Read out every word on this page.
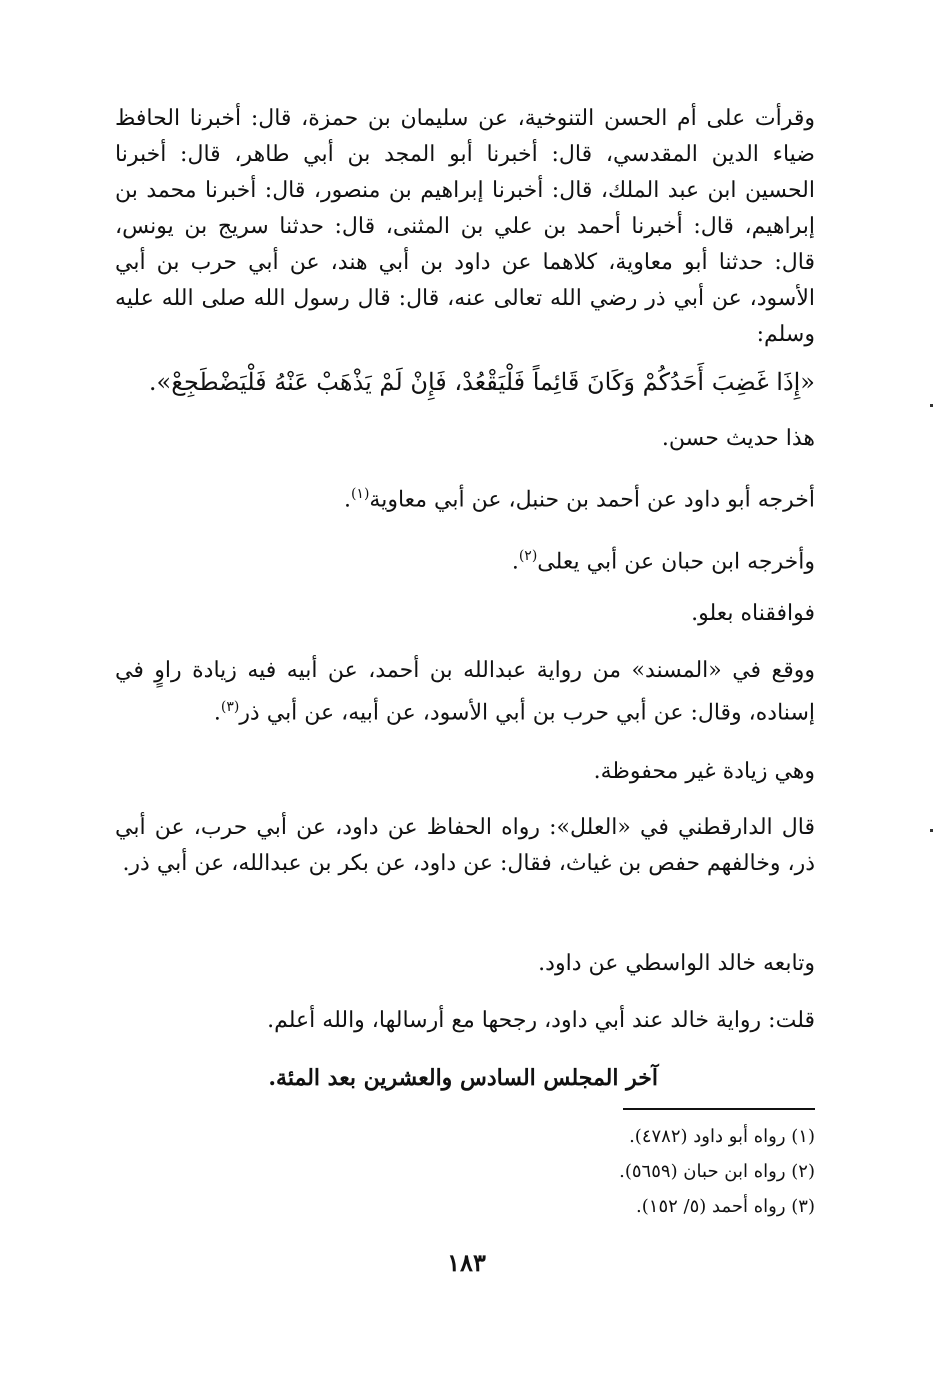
وقرأت على أم الحسن التنوخية، عن سليمان بن حمزة، قال: أخبرنا الحافظ ضياء الدين المقدسي، قال: أخبرنا أبو المجد بن أبي طاهر، قال: أخبرنا الحسين ابن عبد الملك، قال: أخبرنا إبراهيم بن منصور، قال: أخبرنا محمد بن إبراهيم، قال: أخبرنا أحمد بن علي بن المثنى، قال: حدثنا سريج بن يونس، قال: حدثنا أبو معاوية، كلاهما عن داود بن أبي هند، عن أبي حرب بن أبي الأسود، عن أبي ذر رضي الله تعالى عنه، قال: قال رسول الله صلى الله عليه وسلم:
«إِذَا غَضِبَ أَحَدُكُمْ وَكَانَ قَائِماً فَلْيَقْعُدْ، فَإِنْ لَمْ يَذْهَبْ عَنْهُ فَلْيَضْطَجِعْ».
هذا حديث حسن.
أخرجه أبو داود عن أحمد بن حنبل، عن أبي معاوية$^{(١)}$.
وأخرجه ابن حبان عن أبي يعلى$^{(٢)}$.
فوافقناه بعلو.
ووقع في «المسند» من رواية عبدالله بن أحمد، عن أبيه فيه زيادة راوٍ في إسناده، وقال: عن أبي حرب بن أبي الأسود، عن أبيه، عن أبي ذر$^{(٣)}$.
وهي زيادة غير محفوظة.
قال الدارقطني في «العلل»: رواه الحفاظ عن داود، عن أبي حرب، عن أبي ذر، وخالفهم حفص بن غياث، فقال: عن داود، عن بكر بن عبدالله، عن أبي ذر.
وتابعه خالد الواسطي عن داود.
قلت: رواية خالد عند أبي داود، رجحها مع أرسالها، والله أعلم.
آخر المجلس السادس والعشرين بعد المئة.
(١) رواه أبو داود (٤٧٨٢).
(٢) رواه ابن حبان (٥٦٥٩).
(٣) رواه أحمد (٥/ ١٥٢).
١٨٣
